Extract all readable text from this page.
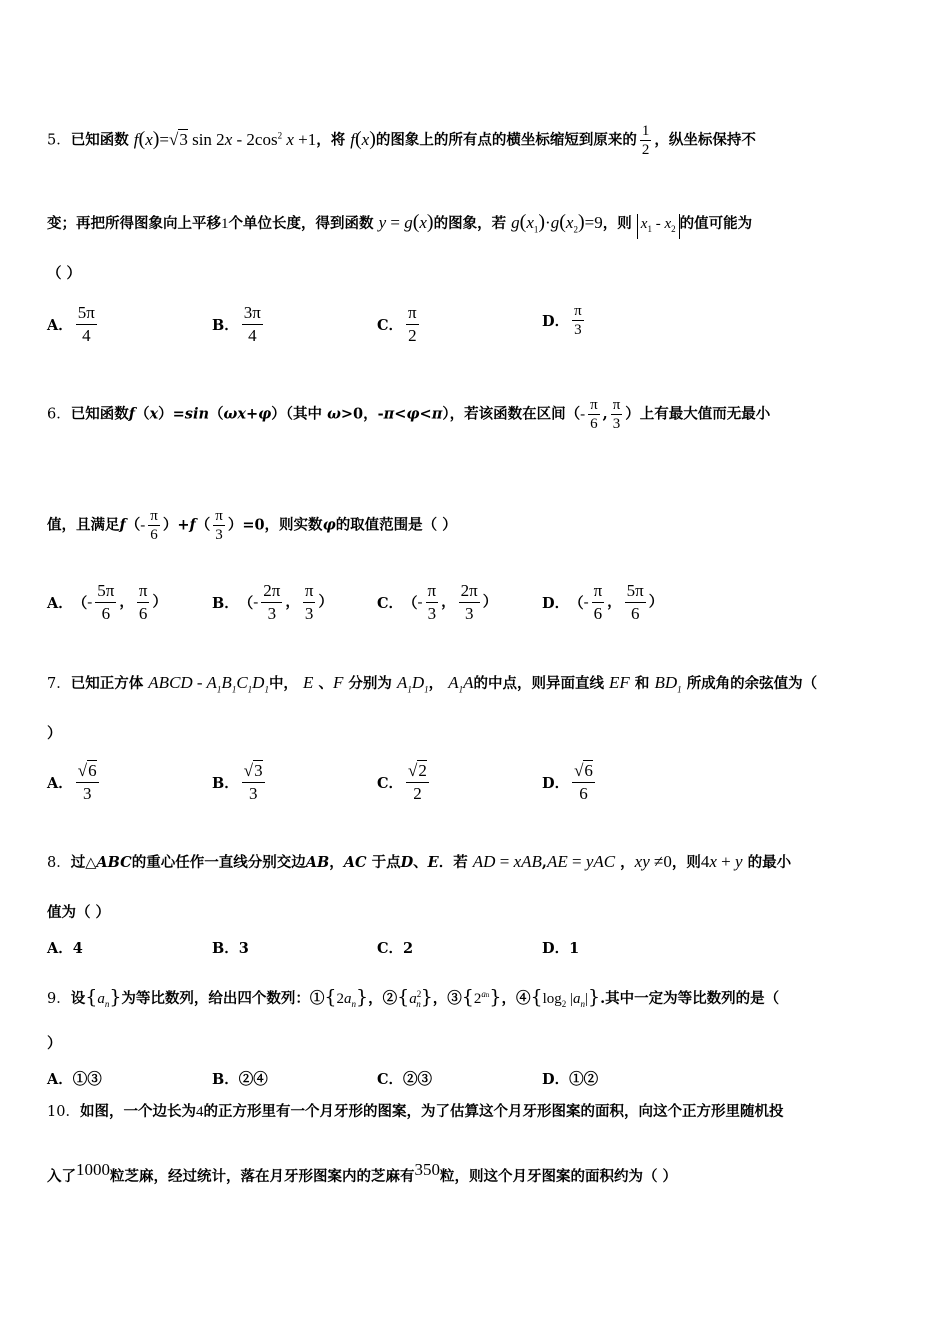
5．已知函数 f(x)=√3 $\sin 2x - 2\cos^2$ x +1，将 f(x)的图象上的所有点的横坐标缩短到原来的 $\frac{1}{2}$ ，纵坐标保持不
变；再把所得图象向上平移1个单位长度，得到函数 y = g(x)的图象，若 $g(x_1)\cdot g(x_2)=9$，则 $x_1 - x_2$ 的值可能为
（ ）
A． $\frac{5\pi}{4}$	B． $\frac{3\pi}{4}$	C． $\frac{\pi}{2}$	D． $\frac{\pi}{3}$
6．已知函数f（x）=sin（ωx+φ）（其中 ω>0，-π<φ<π），若该函数在区间（- $\frac{\pi}{6}$ , $\frac{\pi}{3}$ ）上有最大值而无最小
值，且满足$f(- \frac{\pi}{6} )+f( \frac{\pi}{3} )=0$，则实数φ的取值范围是（ ）
A．（- $\frac{5\pi}{6}$ ， $\frac{\pi}{6}$ ）	B．（- $\frac{2\pi}{3}$ ， $\frac{\pi}{3}$ ）	C．（- $\frac{\pi}{3}$ ， $\frac{2\pi}{3}$ ）	D．（- $\frac{\pi}{6}$ ， $\frac{5\pi}{6}$ ）
7．已知正方体 ABCD - $A_1B_1C_1D_1$中， E 、F 分别为 $A_1D_1$， $A_1A$的中点，则异面直线 EF 和 $BD_1$ 所成角的余弦值为（
）
A． $\frac{√6}{3}$	B． $\frac{√3}{3}$	C． $\frac{√2}{2}$	D． $\frac{√6}{6}$
8．过△ABC的重心任作一直线分别交边AB，AC 于点D、E．若 AD = xAB,AE = yAC ，xy ≠0，则4x + y 的最小
值为（ ）
A．4	B．3	C．2	D．1
9．设$\{a_n\}$为等比数列，给出四个数列：$①\{2a_n\}$，$②\{a^2_n\}$，$③\{2^{an}\}$，$④\{\log_2$ $|a_n|$}.其中一定为等比数列的是（
）
A．①③	B．②④	C．②③	D．①②
10．如图，一个边长为4的正方形里有一个月牙形的图案，为了估算这个月牙形图案的面积，向这个正方形里随机投
入了1000粒芝麻，经过统计，落在月牙形图案内的芝麻有350粒，则这个月牙图案的面积约为（ ）
